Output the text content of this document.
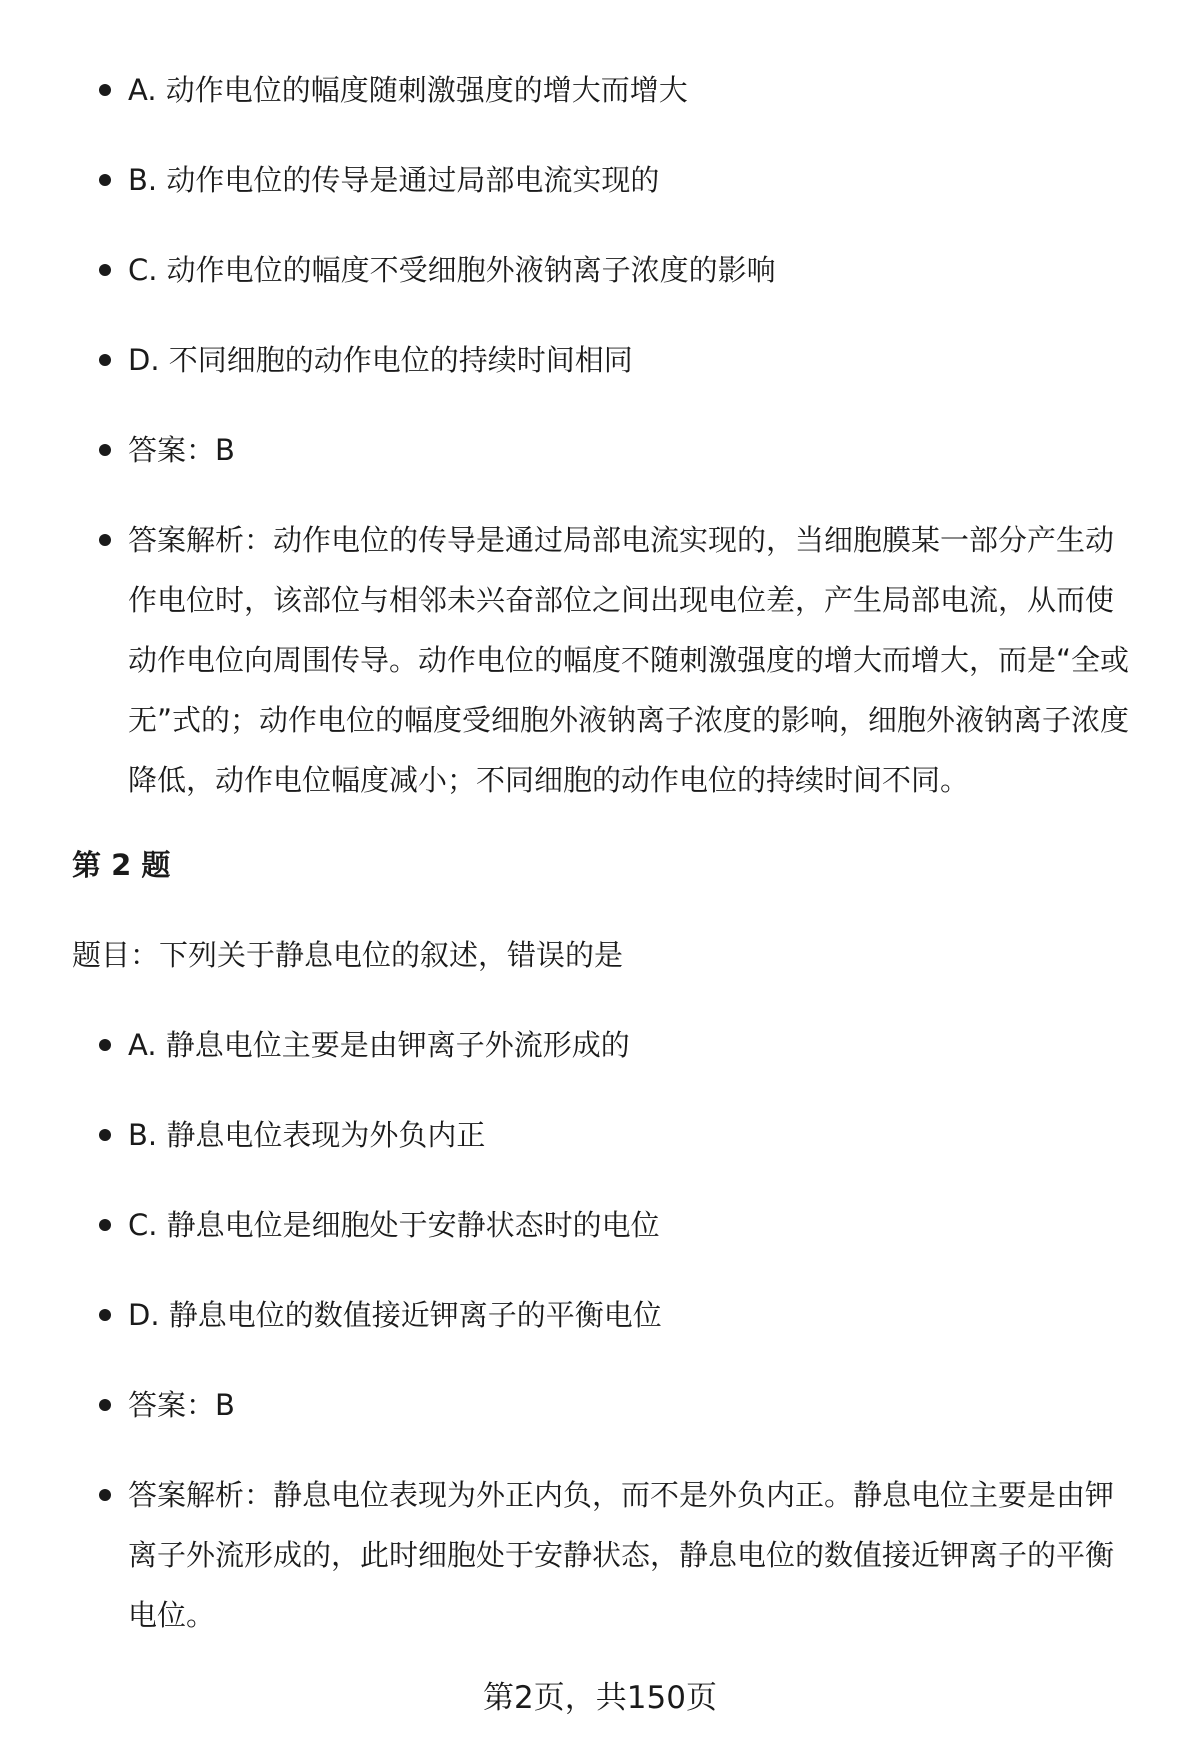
A. 动作电位的幅度随刺激强度的增大而增大
B. 动作电位的传导是通过局部电流实现的
C. 动作电位的幅度不受细胞外液钠离子浓度的影响
D. 不同细胞的动作电位的持续时间相同
答案：B
答案解析：动作电位的传导是通过局部电流实现的，当细胞膜某一部分产生动作电位时，该部位与相邻未兴奋部位之间出现电位差，产生局部电流，从而使动作电位向周围传导。动作电位的幅度不随刺激强度的增大而增大，而是“全或无”式的；动作电位的幅度受细胞外液钠离子浓度的影响，细胞外液钠离子浓度降低，动作电位幅度减小；不同细胞的动作电位的持续时间不同。
第 2 题
题目：下列关于静息电位的叙述，错误的是
A. 静息电位主要是由钾离子外流形成的
B. 静息电位表现为外负内正
C. 静息电位是细胞处于安静状态时的电位
D. 静息电位的数值接近钾离子的平衡电位
答案：B
答案解析：静息电位表现为外正内负，而不是外负内正。静息电位主要是由钾离子外流形成的，此时细胞处于安静状态，静息电位的数值接近钾离子的平衡电位。
第2页，共150页
